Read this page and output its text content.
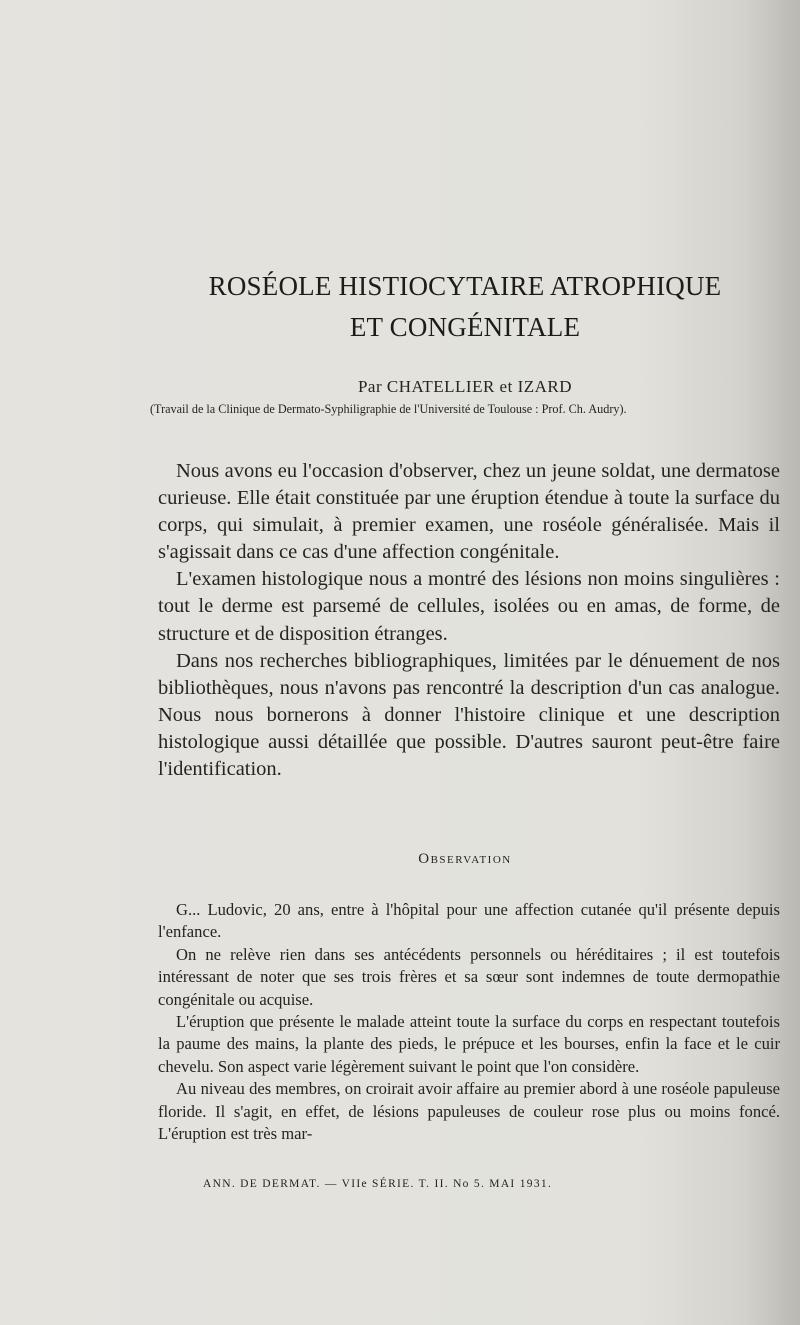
ROSÉOLE HISTIOCYTAIRE ATROPHIQUE
ET CONGÉNITALE
Par CHATELLIER et IZARD
(Travail de la Clinique de Dermato-Syphiligraphie de l'Université de Toulouse : Prof. Ch. Audry).

Nous avons eu l'occasion d'observer, chez un jeune soldat, une dermatose curieuse. Elle était constituée par une éruption étendue à toute la surface du corps, qui simulait, à premier examen, une roséole généralisée. Mais il s'agissait dans ce cas d'une affection congénitale.

L'examen histologique nous a montré des lésions non moins singulières : tout le derme est parsemé de cellules, isolées ou en amas, de forme, de structure et de disposition étranges.

Dans nos recherches bibliographiques, limitées par le dénuement de nos bibliothèques, nous n'avons pas rencontré la description d'un cas analogue. Nous nous bornerons à donner l'histoire clinique et une description histologique aussi détaillée que possible. D'autres sauront peut-être faire l'identification.

Observation

G... Ludovic, 20 ans, entre à l'hôpital pour une affection cutanée qu'il présente depuis l'enfance.

On ne relève rien dans ses antécédents personnels ou héréditaires ; il est toutefois intéressant de noter que ses trois frères et sa sœur sont indemnes de toute dermopathie congénitale ou acquise.

L'éruption que présente le malade atteint toute la surface du corps en respectant toutefois la paume des mains, la plante des pieds, le prépuce et les bourses, enfin la face et le cuir chevelu. Son aspect varie légèrement suivant le point que l'on considère.

Au niveau des membres, on croirait avoir affaire au premier abord à une roséole papuleuse floride. Il s'agit, en effet, de lésions papuleuses de couleur rose plus ou moins foncé. L'éruption est très mar-

ANN. DE DERMAT. — VIIe SÉRIE. T. II. No 5. MAI 1931.
